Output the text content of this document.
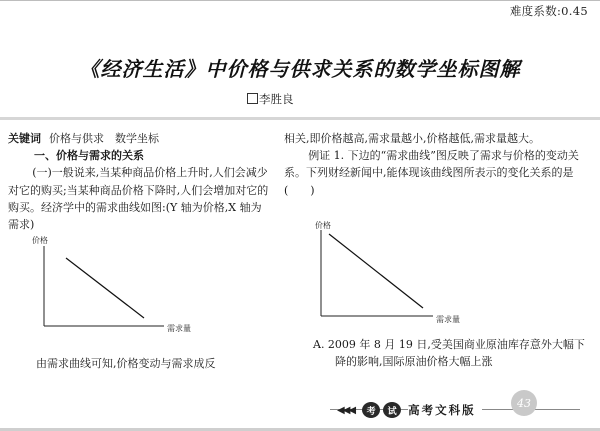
难度系数:0.45
《经济生活》中价格与供求关系的数学坐标图解
李胜良

关键词 价格与供求　数学坐标

一、价格与需求的关系

(一)一般说来,当某种商品价格上升时,人们会减少对它的购买;当某种商品价格下降时,人们会增加对它的购买。经济学中的需求曲线如图:(Y 轴为价格,X 轴为需求)

价格
需求量

由需求曲线可知,价格变动与需求成反

相关,即价格越高,需求量越小,价格越低,需求量越大。

例证 1. 下边的“需求曲线”图反映了需求与价格的变动关系。下列财经新闻中,能体现该曲线图所表示的变化关系的是(　　)

价格
需求量

A. 2009 年 8 月 19 日,受美国商业原油库存意外大幅下降的影响,国际原油价格大幅上涨

◀◀◀	考	试	高考文科版	43
